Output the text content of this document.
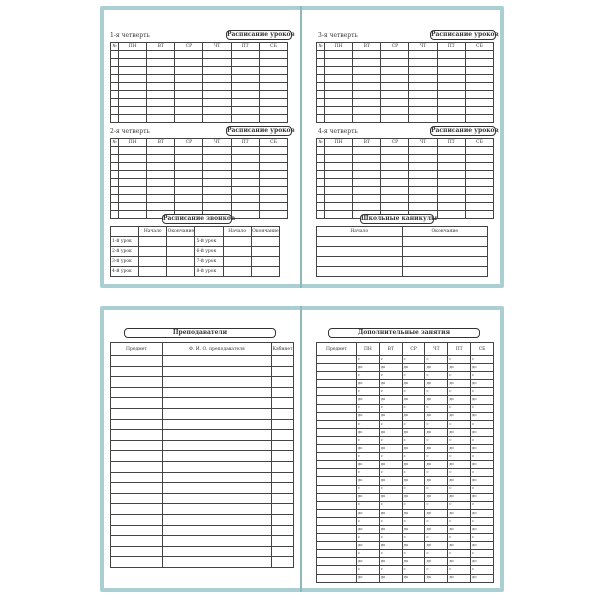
1-я четверть	Расписание уроков
№	ПН	ВТ	СР	ЧТ	ПТ	СБ

2-я четверть	Расписание уроков
№	ПН	ВТ	СР	ЧТ	ПТ	СБ

Расписание звонков
	Начало	Окончание		Начало	Окончание
1-й урок			5-й урок		
2-й урок			6-й урок		
3-й урок			7-й урок		
4-й урок			8-й урок		
3-я четверть	Расписание уроков
№	ПН	ВТ	СР	ЧТ	ПТ	СБ

4-я четверть	Расписание уроков
№	ПН	ВТ	СР	ЧТ	ПТ	СБ

Школьные каникулы
Начало	Окончание

Преподаватели
Предмет	Ф. И. О. преподавателя	Кабинет

Дополнительные занятия
Предмет	ПН	ВТ	СР	ЧТ	ПТ	СБ
	с	с	с	с	с	с
	до	до	до	до	до	до
	с	с	с	с	с	с
	до	до	до	до	до	до
	с	с	с	с	с	с
	до	до	до	до	до	до
	с	с	с	с	с	с
	до	до	до	до	до	до
	с	с	с	с	с	с
	до	до	до	до	до	до
	с	с	с	с	с	с
	до	до	до	до	до	до
	с	с	с	с	с	с
	до	до	до	до	до	до
	с	с	с	с	с	с
	до	до	до	до	до	до
	с	с	с	с	с	с
	до	до	до	до	до	до
	с	с	с	с	с	с
	до	до	до	до	до	до
	с	с	с	с	с	с
	до	до	до	до	до	до
	с	с	с	с	с	с
	до	до	до	до	до	до
	с	с	с	с	с	с
	до	до	до	до	до	до
	с	с	с	с	с	с
	до	до	до	до	до	до
